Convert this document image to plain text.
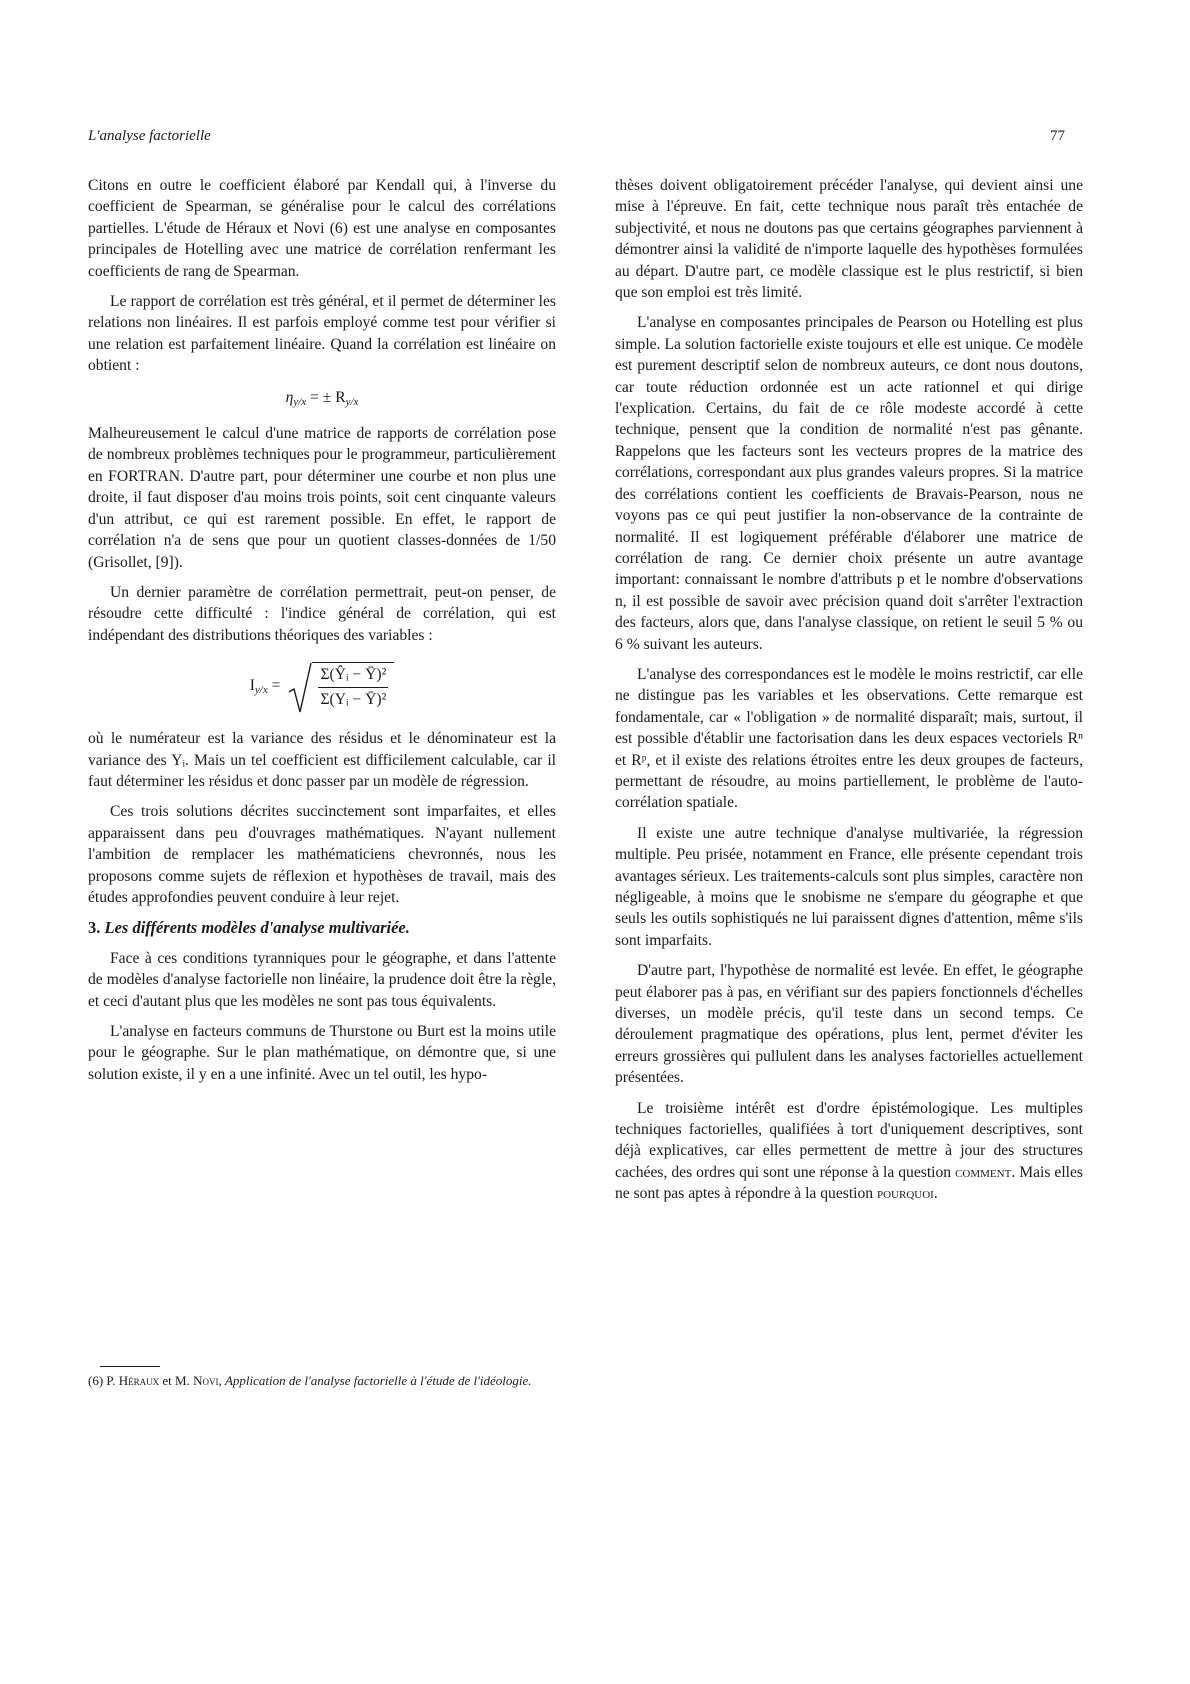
L'analyse factorielle	77

Citons en outre le coefficient élaboré par Kendall qui, à l'inverse du coefficient de Spearman, se généralise pour le calcul des corrélations partielles. L'étude de Héraux et Novi (6) est une analyse en composantes principales de Hotelling avec une matrice de corrélation renfermant les coefficients de rang de Spearman.

Le rapport de corrélation est très général, et il permet de déterminer les relations non linéaires. Il est parfois employé comme test pour vérifier si une relation est parfaitement linéaire. Quand la corrélation est linéaire on obtient :

$\eta_{y/x}$ = ± $R_{y/x}$

Malheureusement le calcul d'une matrice de rapports de corrélation pose de nombreux problèmes techniques pour le programmeur, particulièrement en FORTRAN. D'autre part, pour déterminer une courbe et non plus une droite, il faut disposer d'au moins trois points, soit cent cinquante valeurs d'un attribut, ce qui est rarement possible. En effet, le rapport de corrélation n'a de sens que pour un quotient classes-données de 1/50 (Grisollet, [9]).

Un dernier paramètre de corrélation permettrait, peut-on penser, de résoudre cette difficulté : l'indice général de corrélation, qui est indépendant des distributions théoriques des variables :

$I_{y/x} = \frac{\text{Σ(Ŷᵢ − Ȳ)²}}{\text{Σ(Yᵢ − Ȳ)²}}$

où le numérateur est la variance des résidus et le dénominateur est la variance des Yᵢ. Mais un tel coefficient est difficilement calculable, car il faut déterminer les résidus et donc passer par un modèle de régression.

Ces trois solutions décrites succinctement sont imparfaites, et elles apparaissent dans peu d'ouvrages mathématiques. N'ayant nullement l'ambition de remplacer les mathématiciens chevronnés, nous les proposons comme sujets de réflexion et hypothèses de travail, mais des études approfondies peuvent conduire à leur rejet.

3. Les différents modèles d'analyse multivariée.

Face à ces conditions tyranniques pour le géographe, et dans l'attente de modèles d'analyse factorielle non linéaire, la prudence doit être la règle, et ceci d'autant plus que les modèles ne sont pas tous équivalents.

L'analyse en facteurs communs de Thurstone ou Burt est la moins utile pour le géographe. Sur le plan mathématique, on démontre que, si une solution existe, il y en a une infinité. Avec un tel outil, les hypo-

thèses doivent obligatoirement précéder l'analyse, qui devient ainsi une mise à l'épreuve. En fait, cette technique nous paraît très entachée de subjectivité, et nous ne doutons pas que certains géographes parviennent à démontrer ainsi la validité de n'importe laquelle des hypothèses formulées au départ. D'autre part, ce modèle classique est le plus restrictif, si bien que son emploi est très limité.

L'analyse en composantes principales de Pearson ou Hotelling est plus simple. La solution factorielle existe toujours et elle est unique. Ce modèle est purement descriptif selon de nombreux auteurs, ce dont nous doutons, car toute réduction ordonnée est un acte rationnel et qui dirige l'explication. Certains, du fait de ce rôle modeste accordé à cette technique, pensent que la condition de normalité n'est pas gênante. Rappelons que les facteurs sont les vecteurs propres de la matrice des corrélations, correspondant aux plus grandes valeurs propres. Si la matrice des corrélations contient les coefficients de Bravais-Pearson, nous ne voyons pas ce qui peut justifier la non-observance de la contrainte de normalité. Il est logiquement préférable d'élaborer une matrice de corrélation de rang. Ce dernier choix présente un autre avantage important: connaissant le nombre d'attributs p et le nombre d'observations n, il est possible de savoir avec précision quand doit s'arrêter l'extraction des facteurs, alors que, dans l'analyse classique, on retient le seuil 5 % ou 6 % suivant les auteurs.

L'analyse des correspondances est le modèle le moins restrictif, car elle ne distingue pas les variables et les observations. Cette remarque est fondamentale, car « l'obligation » de normalité disparaît; mais, surtout, il est possible d'établir une factorisation dans les deux espaces vectoriels Rⁿ et Rᵖ, et il existe des relations étroites entre les deux groupes de facteurs, permettant de résoudre, au moins partiellement, le problème de l'auto-corrélation spatiale.

Il existe une autre technique d'analyse multivariée, la régression multiple. Peu prisée, notamment en France, elle présente cependant trois avantages sérieux. Les traitements-calculs sont plus simples, caractère non négligeable, à moins que le snobisme ne s'empare du géographe et que seuls les outils sophistiqués ne lui paraissent dignes d'attention, même s'ils sont imparfaits.

D'autre part, l'hypothèse de normalité est levée. En effet, le géographe peut élaborer pas à pas, en vérifiant sur des papiers fonctionnels d'échelles diverses, un modèle précis, qu'il teste dans un second temps. Ce déroulement pragmatique des opérations, plus lent, permet d'éviter les erreurs grossières qui pullulent dans les analyses factorielles actuellement présentées.

Le troisième intérêt est d'ordre épistémologique. Les multiples techniques factorielles, qualifiées à tort d'uniquement descriptives, sont déjà explicatives, car elles permettent de mettre à jour des structures cachées, des ordres qui sont une réponse à la question comment. Mais elles ne sont pas aptes à répondre à la question pourquoi.

(6) P. Héraux et M. Novi, Application de l'analyse factorielle à l'étude de l'idéologie.
